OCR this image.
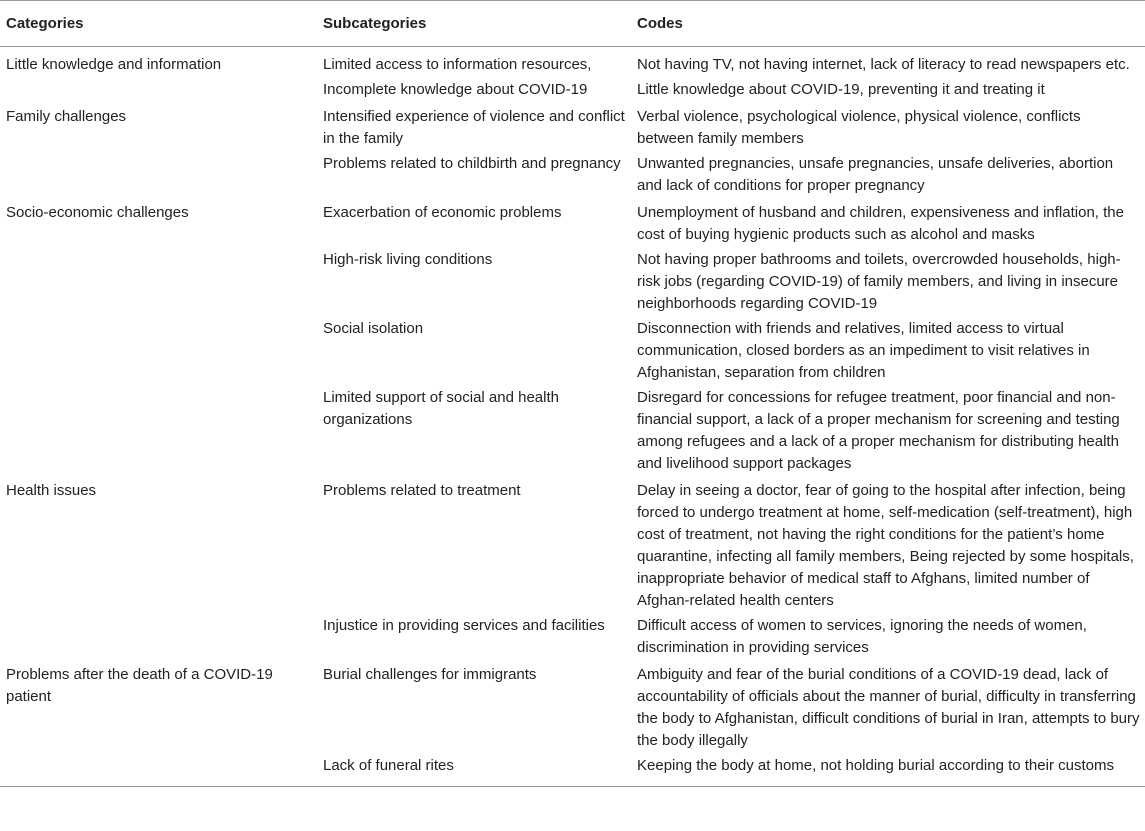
Categories	Subcategories	Codes
Little knowledge and information	Limited access to information resources,	Not having TV, not having internet, lack of literacy to read newspapers etc.
	Incomplete knowledge about COVID-19	Little knowledge about COVID-19, preventing it and treating it
Family challenges	Intensified experience of violence and conflict in the family	Verbal violence, psychological violence, physical violence, conflicts between family members
	Problems related to childbirth and pregnancy	Unwanted pregnancies, unsafe pregnancies, unsafe deliveries, abortion and lack of conditions for proper pregnancy
Socio-economic challenges	Exacerbation of economic problems	Unemployment of husband and children, expensiveness and inflation, the cost of buying hygienic products such as alcohol and masks
	High-risk living conditions	Not having proper bathrooms and toilets, overcrowded households, high-risk jobs (regarding COVID-19) of family members, and living in insecure neighborhoods regarding COVID-19
	Social isolation	Disconnection with friends and relatives, limited access to virtual communication, closed borders as an impediment to visit relatives in Afghanistan, separation from children
	Limited support of social and health organizations	Disregard for concessions for refugee treatment, poor financial and non-financial support, a lack of a proper mechanism for screening and testing among refugees and a lack of a proper mechanism for distributing health and livelihood support packages
Health issues	Problems related to treatment	Delay in seeing a doctor, fear of going to the hospital after infection, being forced to undergo treatment at home, self-medication (self-treatment), high cost of treatment, not having the right conditions for the patient’s home quarantine, infecting all family members, Being rejected by some hospitals, inappropriate behavior of medical staff to Afghans, limited number of Afghan-related health centers
	Injustice in providing services and facilities	Difficult access of women to services, ignoring the needs of women, discrimination in providing services
Problems after the death of a COVID-19 patient	Burial challenges for immigrants	Ambiguity and fear of the burial conditions of a COVID-19 dead, lack of accountability of officials about the manner of burial, difficulty in transferring the body to Afghanistan, difficult conditions of burial in Iran, attempts to bury the body illegally
	Lack of funeral rites	Keeping the body at home, not holding burial according to their customs
